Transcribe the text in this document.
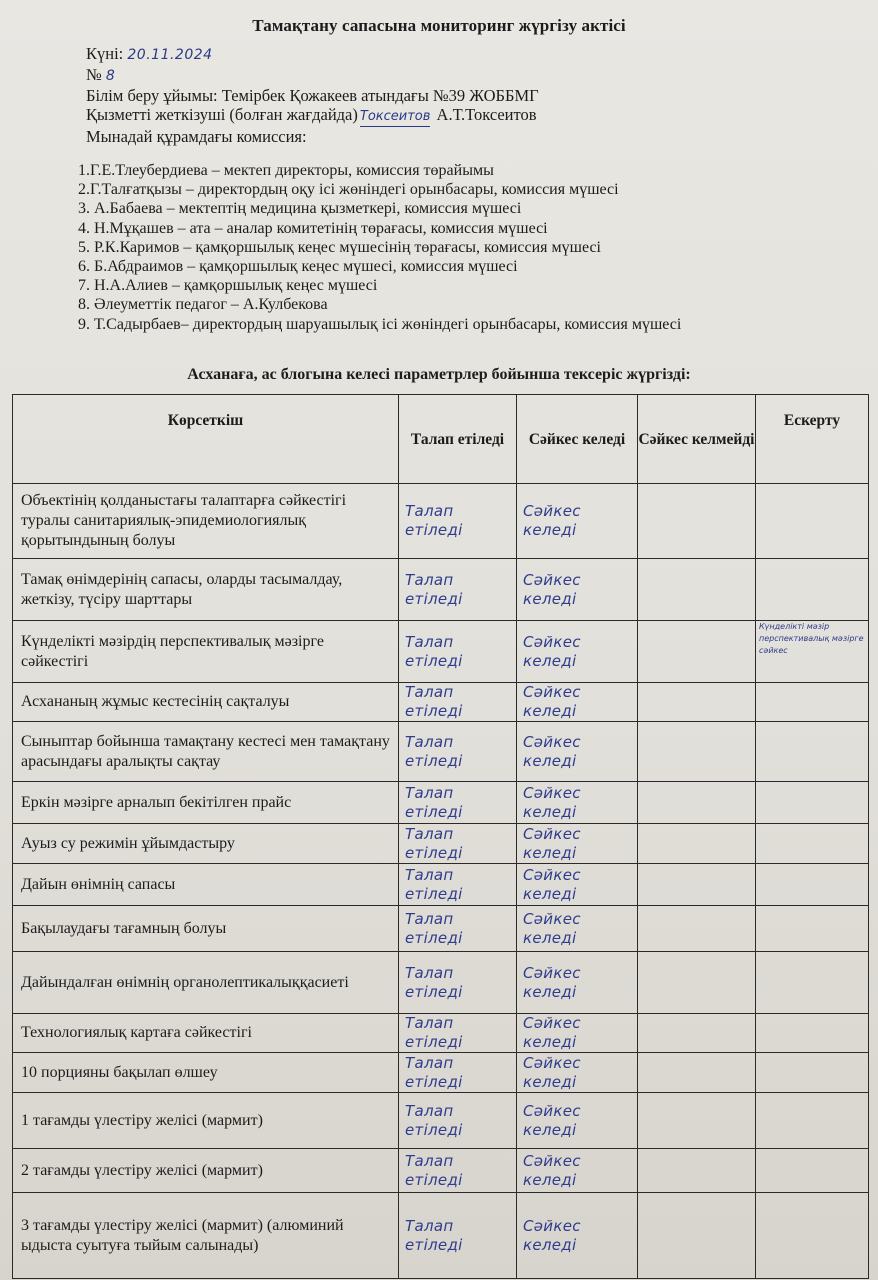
Тамақтану сапасына мониторинг жүргізу актісі
Күні: 20.11.2024
№ 8
Білім беру ұйымы: Темірбек Қожакеев атындағы №39 ЖОББМГ
Қызметті жеткізуші (болған жағдайда) Токсеитов А.Т.Токсеитов
Мынадай құрамдағы комиссия:
1.Г.Е.Тлеубердиева – мектеп директоры, комиссия төрайымы
2.Г.Талғатқызы – директордың оқу ісі жөніндегі орынбасары, комиссия мүшесі
3. А.Бабаева – мектептің медицина қызметкері, комиссия мүшесі
4. Н.Мұқашев – ата – аналар комитетінің төрағасы, комиссия мүшесі
5. Р.К.Каримов – қамқоршылық кеңес мүшесінің төрағасы, комиссия мүшесі
6. Б.Абдраимов – қамқоршылық кеңес мүшесі, комиссия мүшесі
7. Н.А.Алиев – қамқоршылық кеңес мүшесі
8. Әлеуметтік педагог – А.Кулбекова
9. Т.Садырбаев– директордың шаруашылық ісі жөніндегі орынбасары, комиссия мүшесі
Асханаға, ас блогына келесі параметрлер бойынша тексеріс жүргізді:
Көрсеткіш	Талап етіледі	Сәйкес келеді	Сәйкес келмейді	Ескерту
Объектінің қолданыстағы талаптарға сәйкестігі туралы санитариялық-эпидемиологиялық қорытындының болуы	Талап етіледі	Сәйкес келеді		
Тамақ өнімдерінің сапасы, оларды тасымалдау, жеткізу, түсіру шарттары	Талап етіледі	Сәйкес келеді		
Күнделікті мәзірдің перспективалық мәзірге сәйкестігі	Талап етіледі	Сәйкес келеді		Күнделікті мәзір перспективалық мәзірге сәйкес
Асхананың жұмыс кестесінің сақталуы	Талап етіледі	Сәйкес келеді		
Сыныптар бойынша тамақтану кестесі мен тамақтану арасындағы аралықты сақтау	Талап етіледі	Сәйкес келеді		
Еркін мәзірге арналып бекітілген прайс	Талап етіледі	Сәйкес келеді		
Ауыз су режимін ұйымдастыру	Талап етіледі	Сәйкес келеді		
Дайын өнімнің сапасы	Талап етіледі	Сәйкес келеді		
Бақылаудағы тағамның болуы	Талап етіледі	Сәйкес келеді		
Дайындалған өнімнің органолептикалыққасиеті	Талап етіледі	Сәйкес келеді		
Технологиялық картаға сәйкестігі	Талап етіледі	Сәйкес келеді		
10 порцияны бақылап өлшеу	Талап етіледі	Сәйкес келеді		
1 тағамды үлестіру желісі (мармит)	Талап етіледі	Сәйкес келеді		
2 тағамды үлестіру желісі (мармит)	Талап етіледі	Сәйкес келеді		
3 тағамды үлестіру желісі (мармит) (алюминий ыдыста суытуға тыйым салынады)	Талап етіледі	Сәйкес келеді		
